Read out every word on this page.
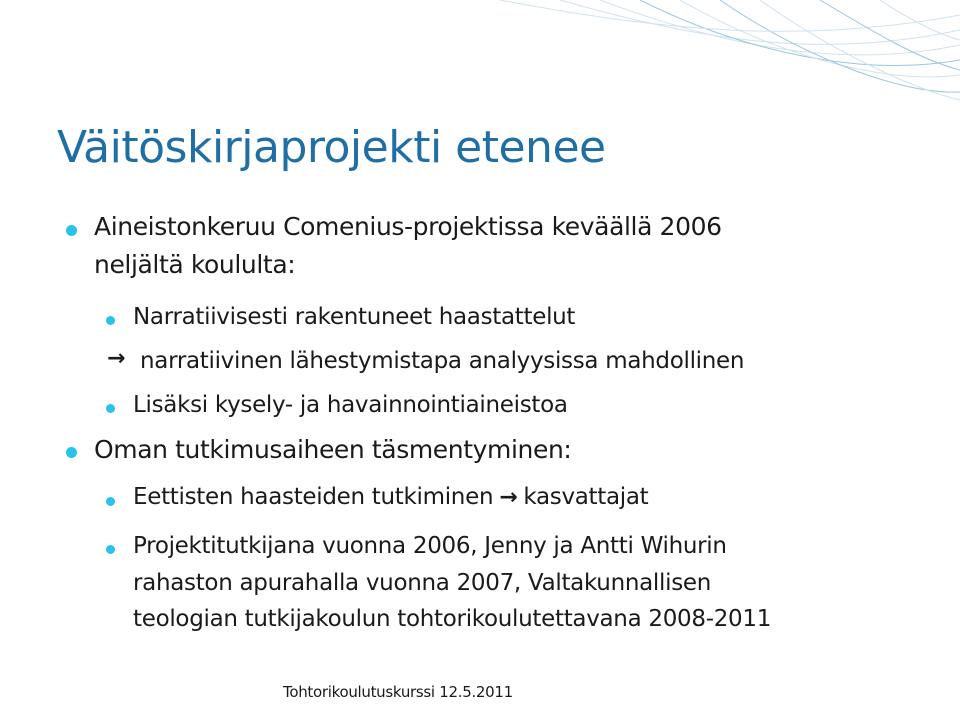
Väitöskirjaprojekti etenee
Aineistonkeruu Comenius-projektissa keväällä 2006
neljältä koululta:
Narratiivisesti rakentuneet haastattelut
→ narratiivinen lähestymistapa analyysissa mahdollinen
Lisäksi kysely- ja havainnointiaineistoa
Oman tutkimusaiheen täsmentyminen:
Eettisten haasteiden tutkiminen → kasvattajat
Projektitutkijana vuonna 2006, Jenny ja Antti Wihurin
rahaston apurahalla vuonna 2007, Valtakunnallisen
teologian tutkijakoulun tohtorikoulutettavana 2008-2011
Tohtorikoulutuskurssi 12.5.2011
